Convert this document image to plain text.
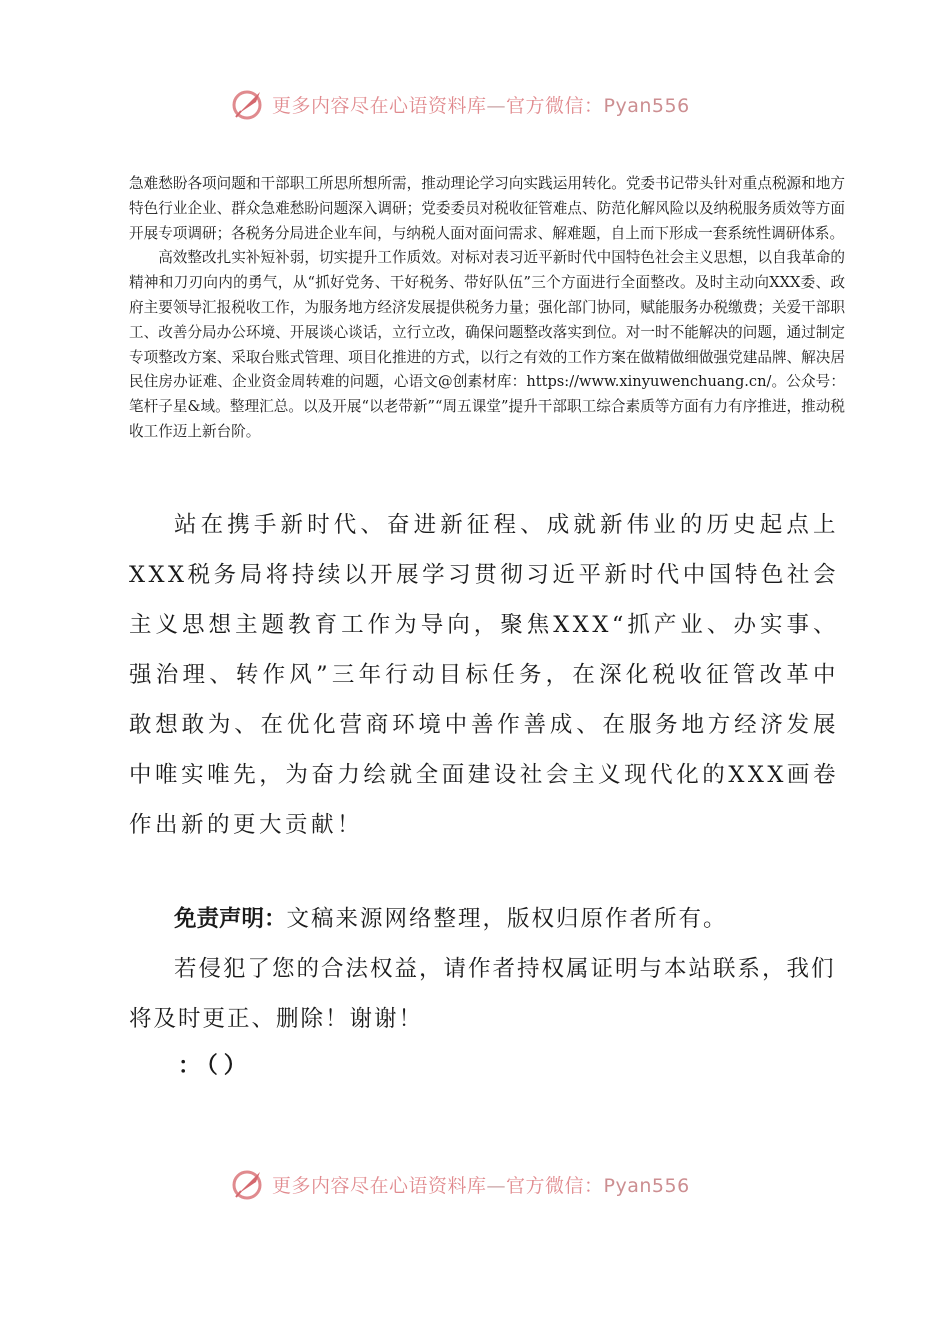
更多内容尽在心语资料库—官方微信：Pyan556

急难愁盼各项问题和干部职工所思所想所需，推动理论学习向实践运用转化。党委书记带头针对重点税源和地方特色行业企业、群众急难愁盼问题深入调研；党委委员对税收征管难点、防范化解风险以及纳税服务质效等方面开展专项调研；各税务分局进企业车间，与纳税人面对面问需求、解难题，自上而下形成一套系统性调研体系。

高效整改扎实补短补弱，切实提升工作质效。对标对表习近平新时代中国特色社会主义思想，以自我革命的精神和刀刃向内的勇气，从“抓好党务、干好税务、带好队伍”三个方面进行全面整改。及时主动向XXX委、政府主要领导汇报税收工作，为服务地方经济发展提供税务力量；强化部门协同，赋能服务办税缴费；关爱干部职工、改善分局办公环境、开展谈心谈话，立行立改，确保问题整改落实到位。对一时不能解决的问题，通过制定专项整改方案、采取台账式管理、项目化推进的方式，以行之有效的工作方案在做精做细做强党建品牌、解决居民住房办证难、企业资金周转难的问题，心语文@创素材库：https://www.xinyuwenchuang.cn/。公众号：笔杆子星&域。整理汇总。以及开展“以老带新”“周五课堂”提升干部职工综合素质等方面有力有序推进，推动税收工作迈上新台阶。

站在携手新时代、奋进新征程、成就新伟业的历史起点上XXX税务局将持续以开展学习贯彻习近平新时代中国特色社会主义思想主题教育工作为导向，聚焦XXX“抓产业、办实事、强治理、转作风”三年行动目标任务，在深化税收征管改革中敢想敢为、在优化营商环境中善作善成、在服务地方经济发展中唯实唯先，为奋力绘就全面建设社会主义现代化的XXX画卷作出新的更大贡献！

免责声明：文稿来源网络整理，版权归原作者所有。

若侵犯了您的合法权益，请作者持权属证明与本站联系，我们将及时更正、删除！谢谢！

：（）
更多内容尽在心语资料库—官方微信：Pyan556
